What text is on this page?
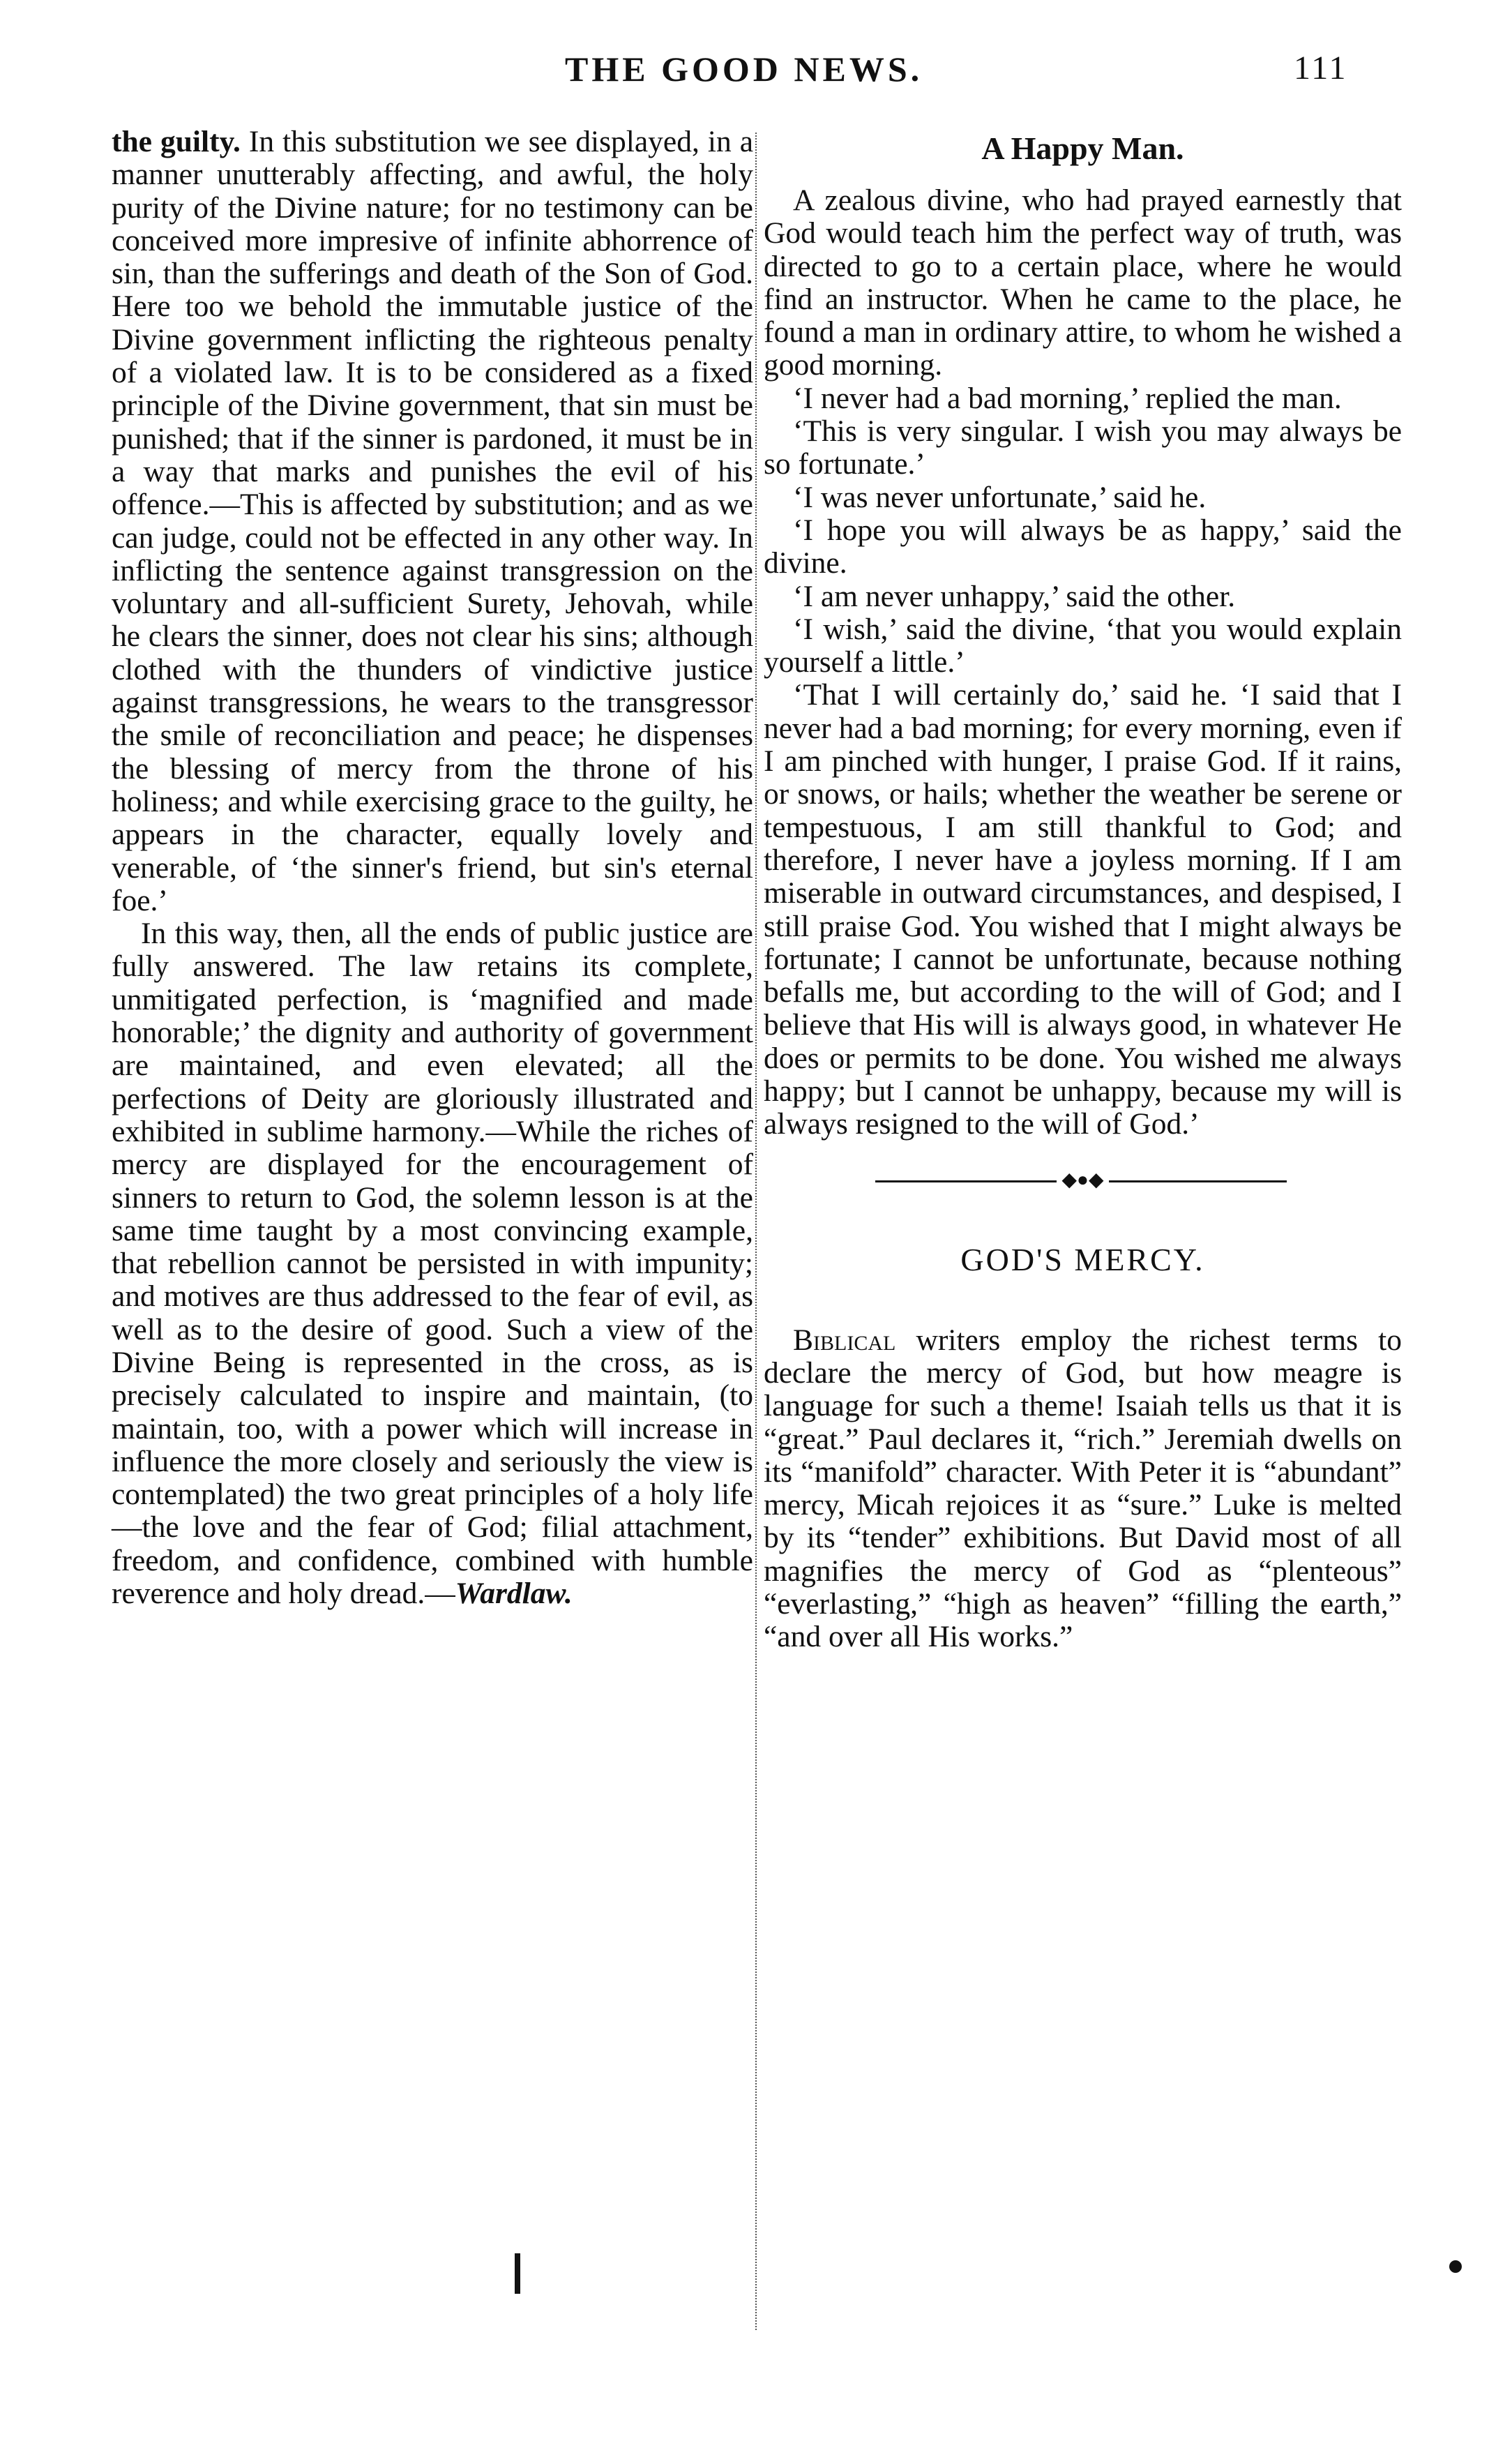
THE GOOD NEWS.	111

the guilty. In this substitution we see displayed, in a manner unutterably affecting, and awful, the holy purity of the Divine nature; for no testimony can be conceived more impresive of infinite abhorrence of sin, than the sufferings and death of the Son of God. Here too we behold the immutable justice of the Divine government inflicting the righteous penalty of a violated law. It is to be considered as a fixed principle of the Divine government, that sin must be punished; that if the sinner is pardoned, it must be in a way that marks and punishes the evil of his offence.—This is affected by substitution; and as we can judge, could not be effected in any other way. In inflicting the sentence against transgression on the voluntary and all-sufficient Surety, Jehovah, while he clears the sinner, does not clear his sins; although clothed with the thunders of vindictive justice against transgressions, he wears to the transgressor the smile of reconciliation and peace; he dispenses the blessing of mercy from the throne of his holiness; and while exercising grace to the guilty, he appears in the character, equally lovely and venerable, of ‘the sinner's friend, but sin's eternal foe.’

In this way, then, all the ends of public justice are fully answered. The law retains its complete, unmitigated perfection, is ‘magnified and made honorable;’ the dignity and authority of government are maintained, and even elevated; all the perfections of Deity are gloriously illustrated and exhibited in sublime harmony.—While the riches of mercy are displayed for the encouragement of sinners to return to God, the solemn lesson is at the same time taught by a most convincing example, that rebellion cannot be persisted in with impunity; and motives are thus addressed to the fear of evil, as well as to the desire of good. Such a view of the Divine Being is represented in the cross, as is precisely calculated to inspire and maintain, (to maintain, too, with a power which will increase in influence the more closely and seriously the view is contemplated) the two great principles of a holy life—the love and the fear of God; filial attachment, freedom, and confidence, combined with humble reverence and holy dread.—Wardlaw.

A Happy Man.

A zealous divine, who had prayed earnestly that God would teach him the perfect way of truth, was directed to go to a certain place, where he would find an instructor. When he came to the place, he found a man in ordinary attire, to whom he wished a good morning.

‘I never had a bad morning,’ replied the man.

‘This is very singular. I wish you may always be so fortunate.’

‘I was never unfortunate,’ said he.

‘I hope you will always be as happy,’ said the divine.

‘I am never unhappy,’ said the other.

‘I wish,’ said the divine, ‘that you would explain yourself a little.’

‘That I will certainly do,’ said he. ‘I said that I never had a bad morning; for every morning, even if I am pinched with hunger, I praise God. If it rains, or snows, or hails; whether the weather be serene or tempestuous, I am still thankful to God; and therefore, I never have a joyless morning. If I am miserable in outward circumstances, and despised, I still praise God. You wished that I might always be fortunate; I cannot be unfortunate, because nothing befalls me, but according to the will of God; and I believe that His will is always good, in whatever He does or permits to be done. You wished me always happy; but I cannot be unhappy, because my will is always resigned to the will of God.’

◆●◆
GOD'S MERCY.

Biblical writers employ the richest terms to declare the mercy of God, but how meagre is language for such a theme! Isaiah tells us that it is “great.” Paul declares it, “rich.” Jeremiah dwells on its “manifold” character. With Peter it is “abundant” mercy, Micah rejoices it as “sure.” Luke is melted by its “tender” exhibitions. But David most of all magnifies the mercy of God as “plenteous” “everlasting,” “high as heaven” “filling the earth,” “and over all His works.”
